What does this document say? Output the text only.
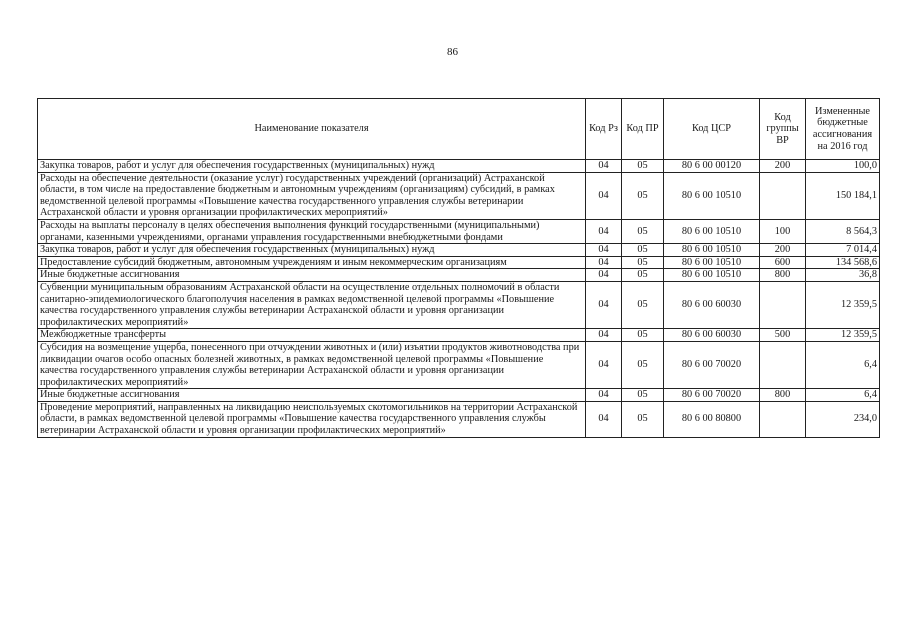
86
Наименование показателя	Код Рз	Код ПР	Код ЦСР	Код группы ВР	Измененные бюджетные ассигнования на 2016 год
Закупка товаров, работ и услуг для обеспечения государственных (муниципальных) нужд	04	05	80 6 00 00120	200	100,0
Расходы на обеспечение деятельности (оказание услуг) государственных учреждений (организаций) Астраханской области, в том числе на предоставление бюджетным и автономным учреждениям (организациям) субсидий, в рамках ведомственной целевой программы «Повышение качества государственного управления службы ветеринарии Астраханской области и уровня организации профилактических мероприятий»	04	05	80 6 00 10510		150 184,1
Расходы на выплаты персоналу в целях обеспечения выполнения функций государственными (муниципальными) органами, казенными учреждениями, органами управления государственными внебюджетными фондами	04	05	80 6 00 10510	100	8 564,3
Закупка товаров, работ и услуг для обеспечения государственных (муниципальных) нужд	04	05	80 6 00 10510	200	7 014,4
Предоставление субсидий бюджетным, автономным учреждениям и иным некоммерческим организациям	04	05	80 6 00 10510	600	134 568,6
Иные бюджетные ассигнования	04	05	80 6 00 10510	800	36,8
Субвенции муниципальным образованиям Астраханской области на осуществление отдельных полномочий в области санитарно-эпидемиологического благополучия населения в рамках ведомственной целевой программы «Повышение качества государственного управления службы ветеринарии Астраханской области и уровня организации профилактических мероприятий»	04	05	80 6 00 60030		12 359,5
Межбюджетные трансферты	04	05	80 6 00 60030	500	12 359,5
Субсидия на возмещение ущерба, понесенного при отчуждении животных и (или) изъятии продуктов животноводства при ликвидации очагов особо опасных болезней животных, в рамках ведомственной целевой программы «Повышение качества государственного управления службы ветеринарии Астраханской области и уровня организации профилактических мероприятий»	04	05	80 6 00 70020		6,4
Иные бюджетные ассигнования	04	05	80 6 00 70020	800	6,4
Проведение мероприятий, направленных на ликвидацию неиспользуемых скотомогильников на территории Астраханской области, в рамках ведомственной целевой программы «Повышение качества государственного управления службы ветеринарии Астраханской области и уровня организации профилактических мероприятий»	04	05	80 6 00 80800		234,0
